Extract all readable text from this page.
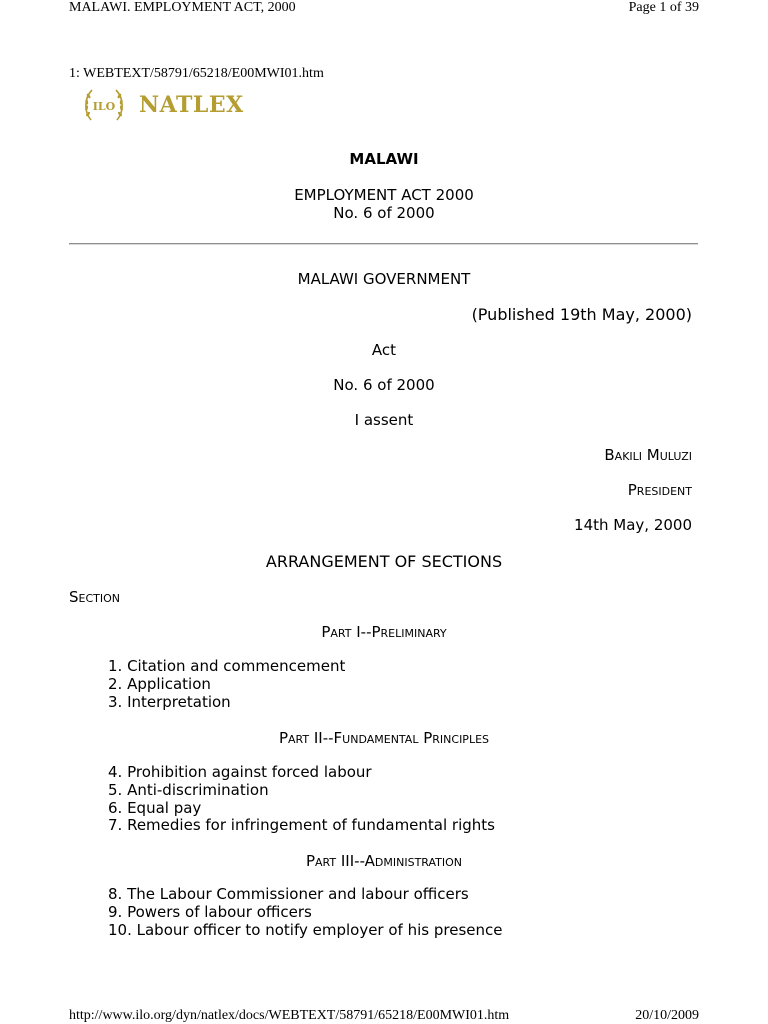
MALAWI. EMPLOYMENT ACT, 2000	Page 1 of 39
1: WEBTEXT/58791/65218/E00MWI01.htm
ILO NATLEX
MALAWI
EMPLOYMENT ACT 2000
No. 6 of 2000
MALAWI GOVERNMENT
(Published 19th May, 2000)
Act
No. 6 of 2000
I assent
Bakili Muluzi
President
14th May, 2000
ARRANGEMENT OF SECTIONS
Section
Part I--Preliminary
1. Citation and commencement
2. Application
3. Interpretation
Part II--Fundamental Principles
4. Prohibition against forced labour
5. Anti-discrimination
6. Equal pay
7. Remedies for infringement of fundamental rights
Part III--Administration
8. The Labour Commissioner and labour officers
9. Powers of labour officers
10. Labour officer to notify employer of his presence
http://www.ilo.org/dyn/natlex/docs/WEBTEXT/58791/65218/E00MWI01.htm	20/10/2009
